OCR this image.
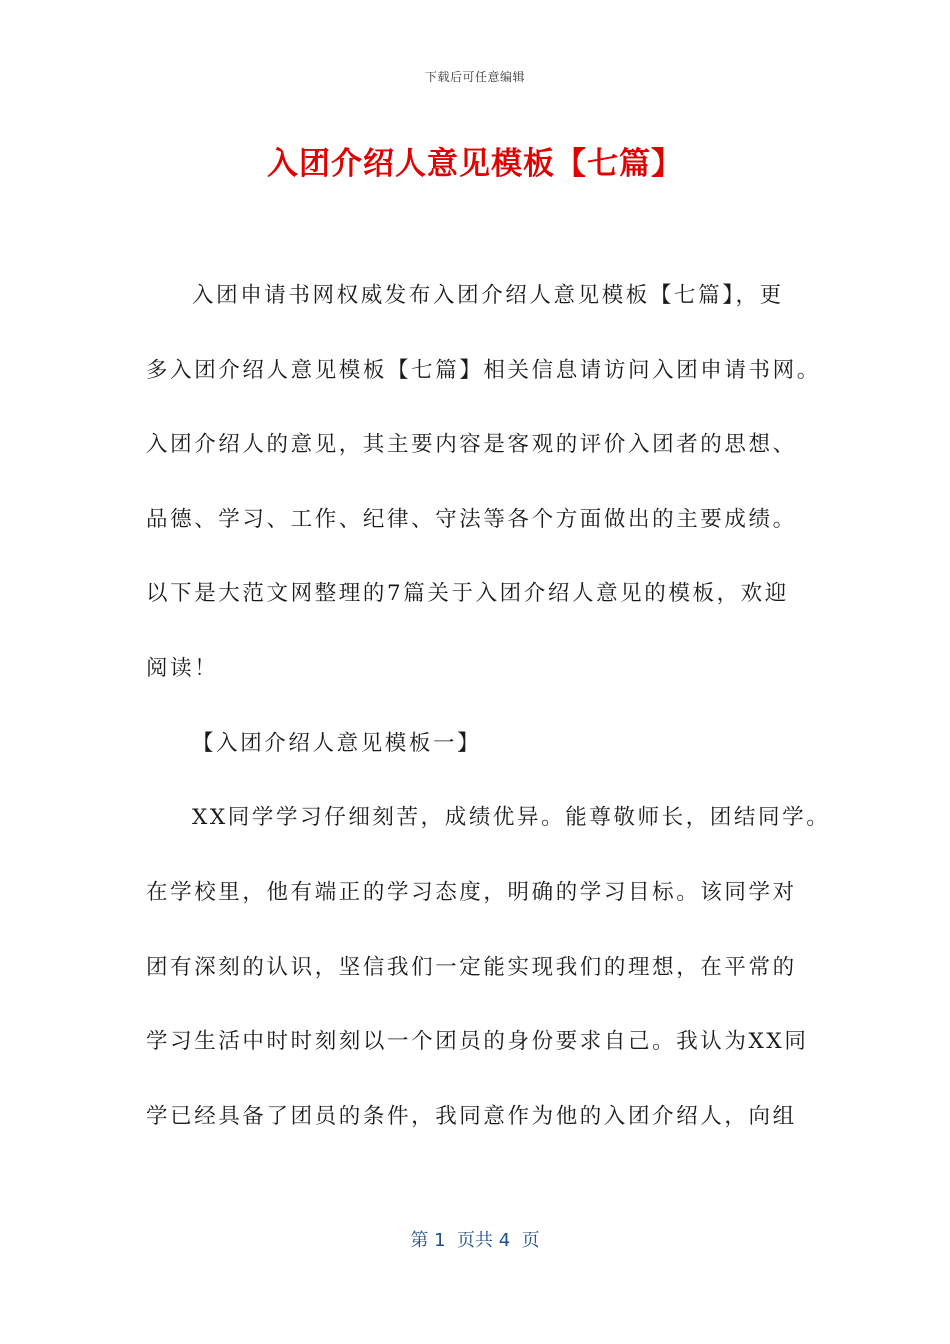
下载后可任意编辑
入团介绍人意见模板【七篇】
入团申请书网权威发布入团介绍人意见模板【七篇】，更
多入团介绍人意见模板【七篇】相关信息请访问入团申请书网。
入团介绍人的意见，其主要内容是客观的评价入团者的思想、
品德、学习、工作、纪律、守法等各个方面做出的主要成绩。
以下是大范文网整理的7篇关于入团介绍人意见的模板，欢迎
阅读！
【入团介绍人意见模板一】
XX同学学习仔细刻苦，成绩优异。能尊敬师长，团结同学。
在学校里，他有端正的学习态度，明确的学习目标。该同学对
团有深刻的认识，坚信我们一定能实现我们的理想，在平常的
学习生活中时时刻刻以一个团员的身份要求自己。我认为XX同
学已经具备了团员的条件，我同意作为他的入团介绍人，向组
第 1  页共 4  页
